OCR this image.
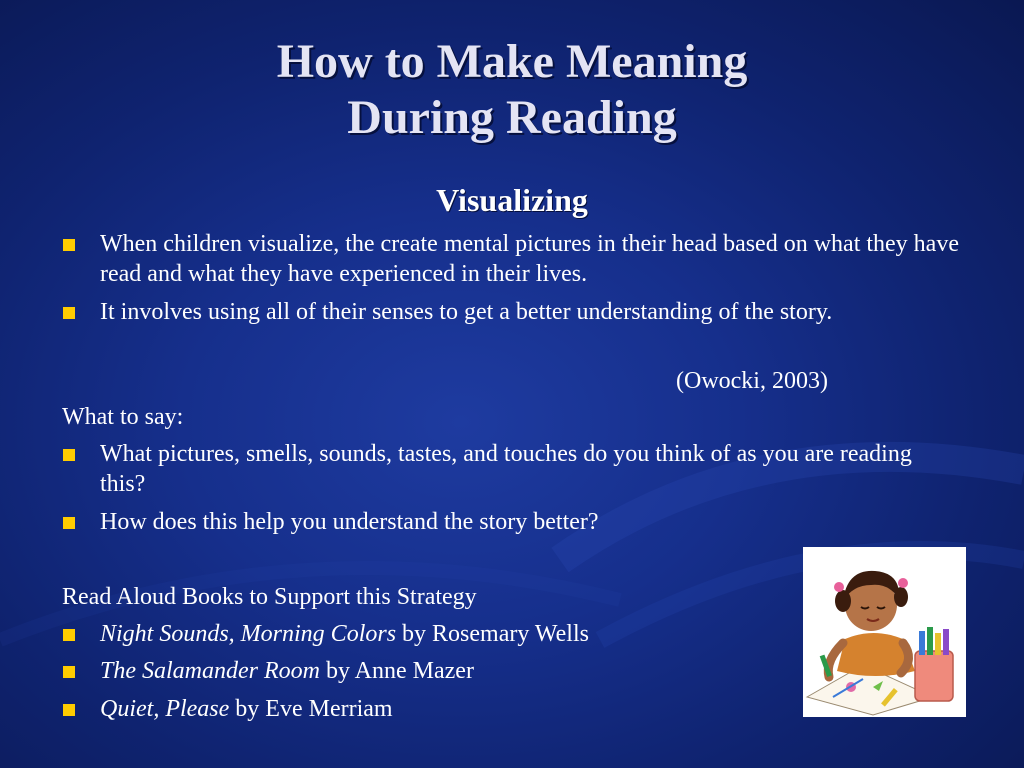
How to Make Meaning
During Reading
Visualizing
When children visualize, the create mental pictures in their head based on what they have read and what they have experienced in their lives.
It involves using all of their senses to get a better understanding of the story.
(Owocki, 2003)
What to say:
What pictures, smells, sounds, tastes, and touches do you think of as you are reading this?
How does this help you understand the story better?
Read Aloud Books to Support this Strategy
Night Sounds, Morning Colors by Rosemary Wells
The Salamander Room by Anne Mazer
Quiet, Please by Eve Merriam
